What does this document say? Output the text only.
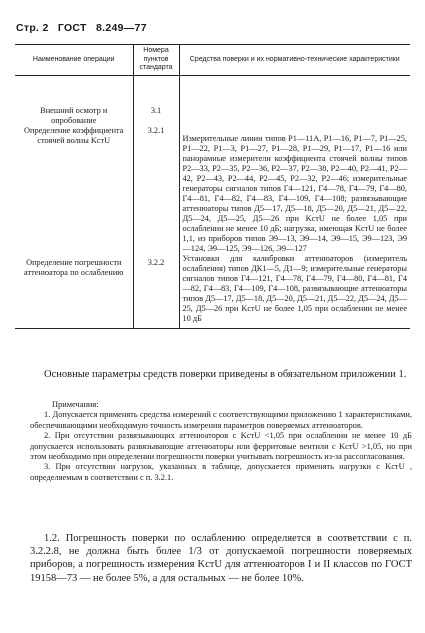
Стр. 2 ГОСТ 8.249—77
Наименование операции	Номера пунктов стандарта	Средства поверки и их нормативно-технические характеристики
Внешний осмотр и опробование	3.1	
Определение коэффициента стоячей волны KстU	3.2.1	Измерительные линии типов P1—11A, P1—16, P1—7, P1—25, P1—22, P1—3, P1—27, P1—28, P1—29, P1—17, P1—16 или панорамные измерители коэффициента стоячей волны типов P2—33, P2—35, P2—36, P2—37, P2—38, P2—40, P2—41, P2—42, P2—43, P2—44, P2—45, P2—32, P2—46; измерительные генераторы сигналов типов Г4—121, Г4—78, Г4—79, Г4—80, Г4—81, Г4—82, Г4—83, Г4—109, Г4—108; развязывающие аттенюаторы типов Д5—17, Д5—18, Д5—20, Д5—21, Д5—22, Д5—24, Д5—25, Д5—26 при KстU не более 1,05 при ослаблении не менее 10 дБ; нагрузка, имеющая KстU не более 1,1, из приборов типов Э9—13, Э9—14, Э9—15, Э9—123, Э9—124, Э9—125, Э9—126, Э9—127
Определение погрешности аттенюатора по ослаблению	3.2.2	Установки для калибровки аттенюаторов (измеритель ослабления) типов ДК1—5, Д1—9; измерительные генераторы сигналов типов Г4—121, Г4—78, Г4—79, Г4—80, Г4—81, Г4—82, Г4—83, Г4—109, Г4—108, развязывающие аттенюаторы типов Д5—17, Д5—18, Д5—20, Д5—21, Д5—22, Д5—24, Д5—25, Д5—26 при KстU не более 1,05 при ослаблении не менее 10 дБ
Основные параметры средств поверки приведены в обязательном приложении 1.
Примечания:
1. Допускается применять средства измерений с соответствующими приложению 1 характеристиками, обеспечивающими необходимую точность измерения параметров поверяемых аттенюаторов.
2. При отсутствии развязывающих аттенюаторов с KстU <1,05 при ослаблении не менее 10 дБ допускается использовать развязывающие аттенюаторы или ферритовые вентили с KстU >1,05, но при этом необходимо при определении погрешности поверки учитывать погрешность из-за рассогласования.
3. При отсутствии нагрузок, указанных в таблице, допускается применять нагрузки с KстU , определяемым в соответствии с п. 3.2.1.
1.2. Погрешность поверки по ослаблению определяется в соответствии с п. 3.2.2.8, не должна быть более 1/3 от допускаемой погрешности поверяемых приборов, а погрешность измерения KстU для аттенюаторов I и II классов по ГОСТ 19158—73 — не более 5%, а для остальных — не более 10%.
